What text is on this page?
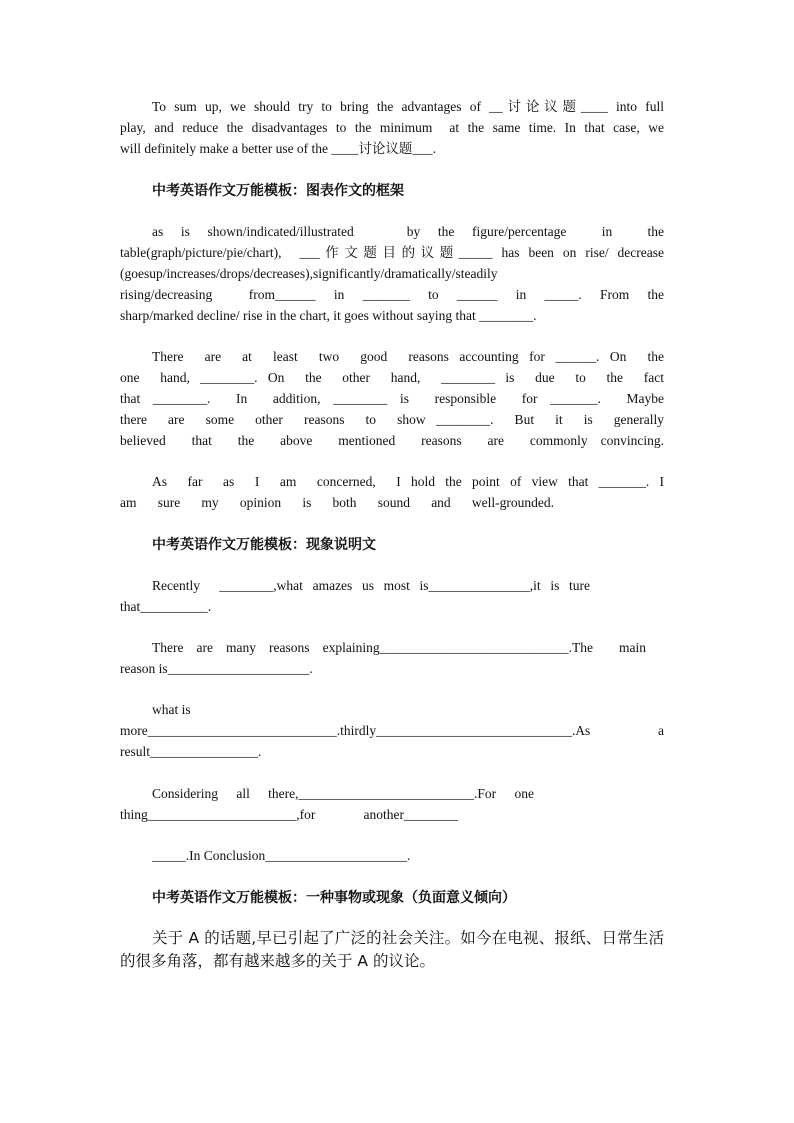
To sum up, we should try to bring the advantages of __讨论议题____ into full
play, and reduce the disadvantages to the minimum  at the same time. In that case, we
will definitely make a better use of the ____讨论议题___.
中考英语作文万能模板：图表作文的框架
as is shown/indicated/illustrated   by the figure/percentage  in  the
table(graph/picture/pie/chart),  ___作文题目的议题_____ has been on rise/ decrease
(goesup/increases/drops/decreases),significantly/dramatically/steadily
rising/decreasing  from______ in _______ to ______ in _____. From the
sharp/marked decline/ rise in the chart, it goes without saying that ________.
There  are  at  least  two  good  reasons accounting for ______. On  the
one  hand, ________. On  the  other  hand,  ________ is  due  to  the  fact
that ________.  In  addition, ________ is  responsible  for _______.  Maybe
there  are  some  other  reasons  to  show ________.  But  it  is  generally
believed  that  the  above  mentioned  reasons  are  commonly convincing.
As  far  as  I  am  concerned,  I hold the point of view that _______. I
am  sure  my  opinion  is  both  sound  and  well-grounded.
中考英语作文万能模板：现象说明文
Recently  ________,what amazes us most is_______________,it is ture
that__________.
There are many reasons explaining____________________________.The  main
reason is_____________________.
what is
more____________________________.thirdly_____________________________.As  a
result________________.
Considering all there,__________________________.For one
thing______________________,for  another________
_____.In Conclusion_____________________.
中考英语作文万能模板：一种事物或现象（负面意义倾向）
关于 A 的话题,早已引起了广泛的社会关注。如今在电视、报纸、日常生活
的很多角落，都有越来越多的关于 A 的议论。
